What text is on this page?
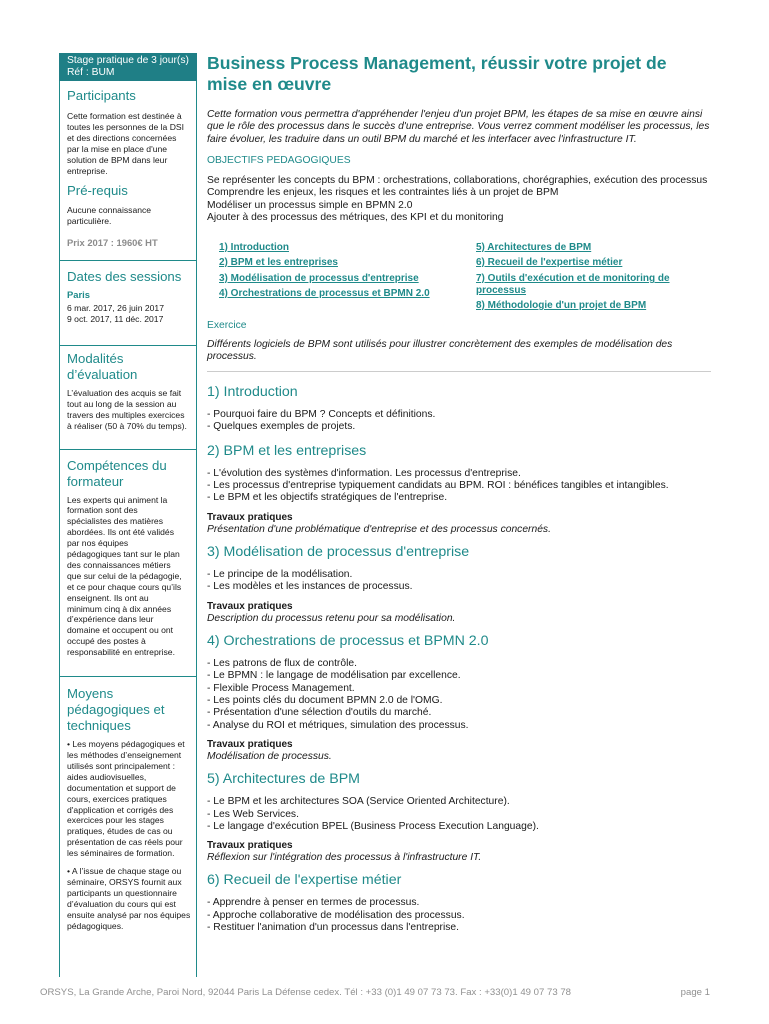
Stage pratique de 3 jour(s)
Réf : BUM
Participants

Cette formation est destinée à toutes les personnes de la DSI et des directions concernées par la mise en place d'une solution de BPM dans leur entreprise.

Pré-requis

Aucune connaissance particulière.

Prix 2017 : 1960€ HT

Dates des sessions

Paris

6 mar. 2017, 26 juin 2017

9 oct. 2017, 11 déc. 2017

Modalités d’évaluation

L’évaluation des acquis se fait tout au long de la session au travers des multiples exercices à réaliser (50 à 70% du temps).

Compétences du formateur

Les experts qui animent la formation sont des spécialistes des matières abordées. Ils ont été validés par nos équipes pédagogiques tant sur le plan des connaissances métiers que sur celui de la pédagogie, et ce pour chaque cours qu’ils enseignent. Ils ont au minimum cinq à dix années d’expérience dans leur domaine et occupent ou ont occupé des postes à responsabilité en entreprise.

Moyens pédagogiques et techniques

• Les moyens pédagogiques et les méthodes d’enseignement utilisés sont principalement : aides audiovisuelles, documentation et support de cours, exercices pratiques d'application et corrigés des exercices pour les stages pratiques, études de cas ou présentation de cas réels pour les séminaires de formation.

• A l’issue de chaque stage ou séminaire, ORSYS fournit aux participants un questionnaire d’évaluation du cours qui est ensuite analysé par nos équipes pédagogiques.

Business Process Management, réussir votre projet de mise en œuvre

Cette formation vous permettra d'appréhender l'enjeu d'un projet BPM, les étapes de sa mise en œuvre ainsi que le rôle des processus dans le succès d'une entreprise. Vous verrez comment modéliser les processus, les faire évoluer, les traduire dans un outil BPM du marché et les interfacer avec l'infrastructure IT.

OBJECTIFS PEDAGOGIQUES

Se représenter les concepts du BPM : orchestrations, collaborations, chorégraphies, exécution des processus

Comprendre les enjeux, les risques et les contraintes liés à un projet de BPM

Modéliser un processus simple en BPMN 2.0

Ajouter à des processus des métriques, des KPI et du monitoring

1) Introduction
2) BPM et les entreprises
3) Modélisation de processus d'entreprise
4) Orchestrations de processus et BPMN 2.0
5) Architectures de BPM
6) Recueil de l'expertise métier
7) Outils d'exécution et de monitoring de processus
8) Méthodologie d'un projet de BPM

Exercice

Différents logiciels de BPM sont utilisés pour illustrer concrètement des exemples de modélisation des processus.

1) Introduction

- Pourquoi faire du BPM ? Concepts et définitions.

- Quelques exemples de projets.

2) BPM et les entreprises

- L'évolution des systèmes d'information. Les processus d'entreprise.

- Les processus d'entreprise typiquement candidats au BPM. ROI : bénéfices tangibles et intangibles.

- Le BPM et les objectifs stratégiques de l'entreprise.

Travaux pratiques

Présentation d'une problématique d'entreprise et des processus concernés.

3) Modélisation de processus d'entreprise

- Le principe de la modélisation.

- Les modèles et les instances de processus.

Travaux pratiques

Description du processus retenu pour sa modélisation.

4) Orchestrations de processus et BPMN 2.0

- Les patrons de flux de contrôle.

- Le BPMN : le langage de modélisation par excellence.

- Flexible Process Management.

- Les points clés du document BPMN 2.0 de l'OMG.

- Présentation d'une sélection d'outils du marché.

- Analyse du ROI et métriques, simulation des processus.

Travaux pratiques

Modélisation de processus.

5) Architectures de BPM

- Le BPM et les architectures SOA (Service Oriented Architecture).

- Les Web Services.

- Le langage d'exécution BPEL (Business Process Execution Language).

Travaux pratiques

Réflexion sur l'intégration des processus à l'infrastructure IT.

6) Recueil de l'expertise métier

- Apprendre à penser en termes de processus.

- Approche collaborative de modélisation des processus.

- Restituer l'animation d'un processus dans l'entreprise.

ORSYS, La Grande Arche, Paroi Nord, 92044 Paris La Défense cedex. Tél : +33 (0)1 49 07 73 73. Fax : +33(0)1 49 07 73 78	page 1
